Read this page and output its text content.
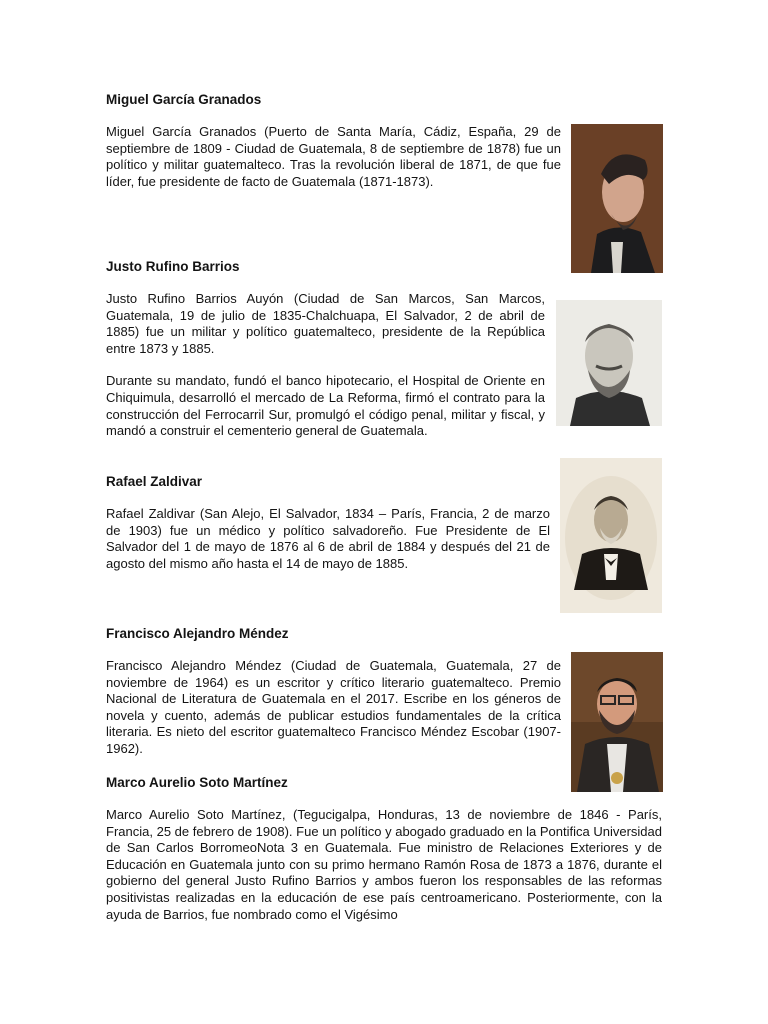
Miguel García Granados

Miguel García Granados (Puerto de Santa María, Cádiz, España, 29 de septiembre de 1809 - Ciudad de Guatemala, 8 de septiembre de 1878) fue un político y militar guatemalteco. Tras la revolución liberal de 1871, de que fue líder, fue presidente de facto de Guatemala (1871-1873).

Justo Rufino Barrios

Justo Rufino Barrios Auyón (Ciudad de San Marcos, San Marcos, Guatemala, 19 de julio de 1835-Chalchuapa, El Salvador, 2 de abril de 1885) fue un militar y político guatemalteco, presidente de la República entre 1873 y 1885.

Durante su mandato, fundó el banco hipotecario, el Hospital de Oriente en Chiquimula, desarrolló el mercado de La Reforma, firmó el contrato para la construcción del Ferrocarril Sur, promulgó el código penal, militar y fiscal, y mandó a construir el cementerio general de Guatemala.

Rafael Zaldivar

Rafael Zaldivar (San Alejo, El Salvador, 1834 – París, Francia, 2 de marzo de 1903) fue un médico y político salvadoreño. Fue Presidente de El Salvador del 1 de mayo de 1876 al 6 de abril de 1884 y después del 21 de agosto del mismo año hasta el 14 de mayo de 1885.

Francisco Alejandro Méndez

Francisco Alejandro Méndez (Ciudad de Guatemala, Guatemala, 27 de noviembre de 1964) es un escritor y crítico literario guatemalteco. Premio Nacional de Literatura de Guatemala en el 2017. Escribe en los géneros de novela y cuento, además de publicar estudios fundamentales de la crítica literaria. Es nieto del escritor guatemalteco Francisco Méndez Escobar (1907-1962).

Marco Aurelio Soto Martínez

Marco Aurelio Soto Martínez, (Tegucigalpa, Honduras, 13 de noviembre de 1846 - París, Francia, 25 de febrero de 1908). Fue un político y abogado graduado en la Pontifica Universidad de San Carlos BorromeoNota 3 en Guatemala. Fue ministro de Relaciones Exteriores y de Educación en Guatemala junto con su primo hermano Ramón Rosa de 1873 a 1876, durante el gobierno del general Justo Rufino Barrios y ambos fueron los responsables de las reformas positivistas realizadas en la educación de ese país centroamericano. Posteriormente, con la ayuda de Barrios, fue nombrado como el Vigésimo
